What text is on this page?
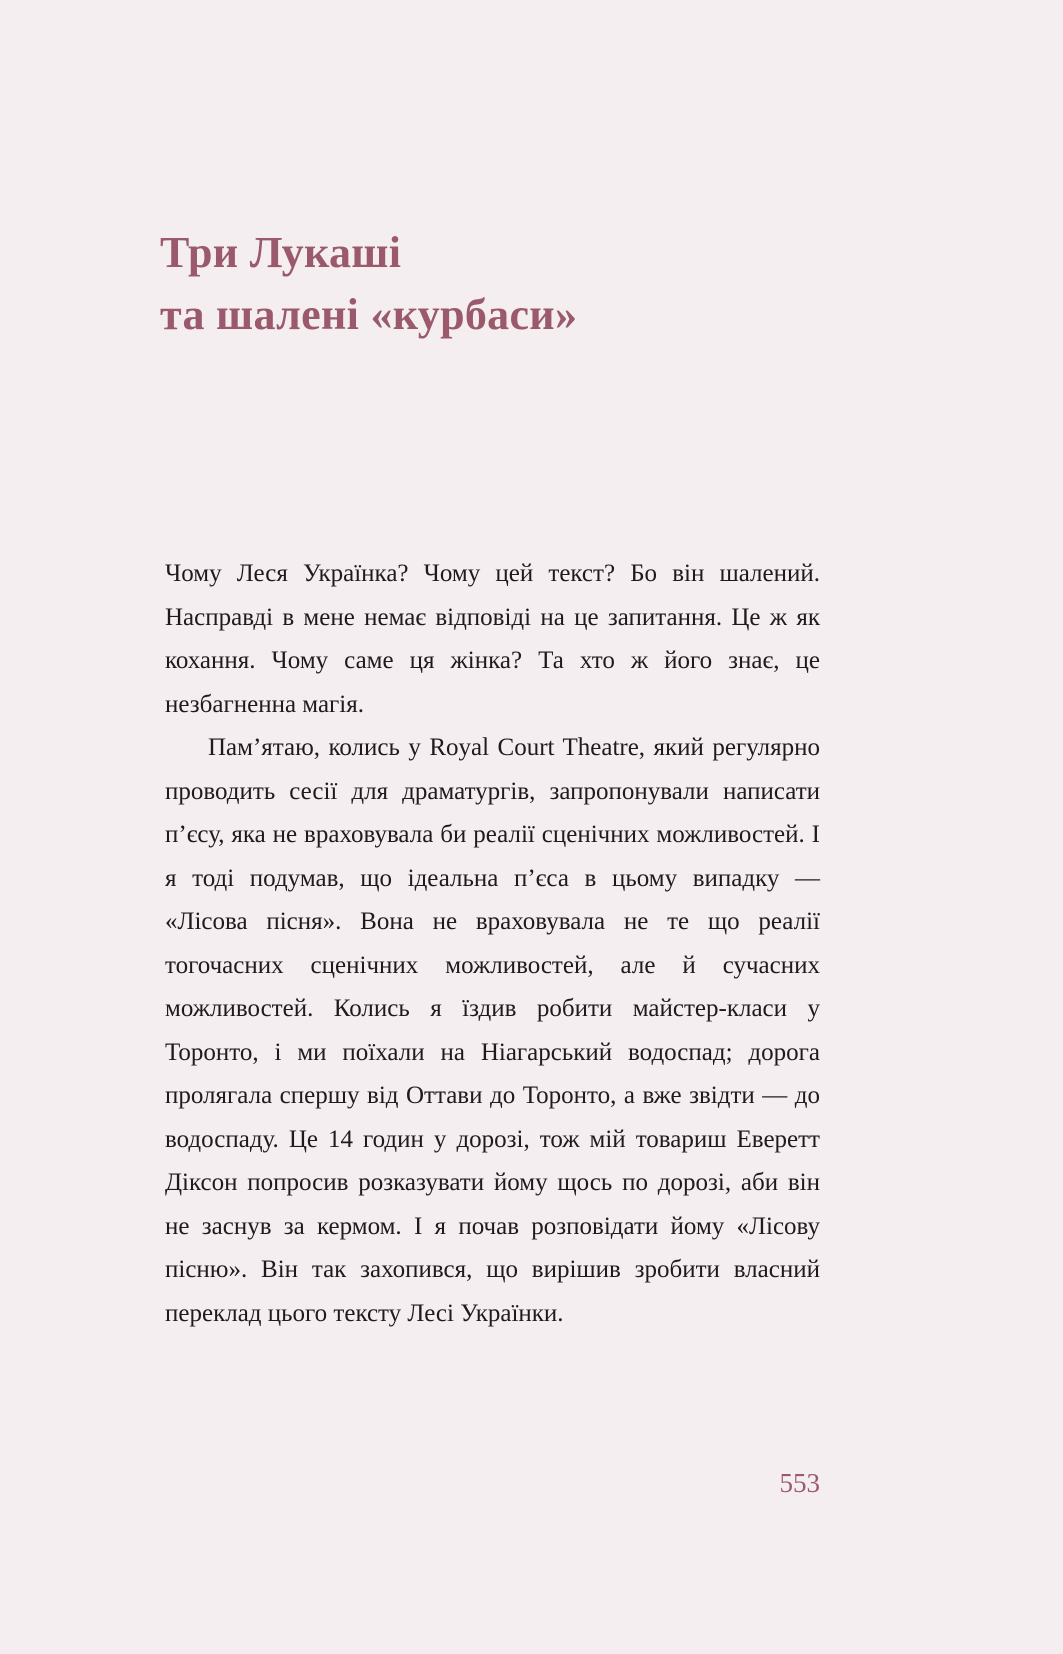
Три Лукаші
та шалені «курбаси»

Чому Леся Українка? Чому цей текст? Бо він шалений. Насправді в мене немає відповіді на це запитання. Це ж як кохання. Чому саме ця жінка? Та хто ж його знає, це незбагненна магія.

Пам’ятаю, колись у Royal Court Theatre, який регулярно проводить сесії для драматургів, запропонували написати п’єсу, яка не враховувала би реалії сценічних можливостей. І я тоді подумав, що ідеальна п’єса в цьому випадку — «Лісова пісня». Вона не враховувала не те що реалії тогочасних сценічних можливостей, але й сучасних можливостей. Колись я їздив робити майстер-класи у Торонто, і ми поїхали на Ніагарський водоспад; дорога пролягала спершу від Оттави до Торонто, а вже звідти — до водоспаду. Це 14 годин у дорозі, тож мій товариш Еверетт Діксон попросив розказувати йому щось по дорозі, аби він не заснув за кермом. І я почав розповідати йому «Лісову пісню». Він так захопився, що вирішив зробити власний переклад цього тексту Лесі Українки.

553
